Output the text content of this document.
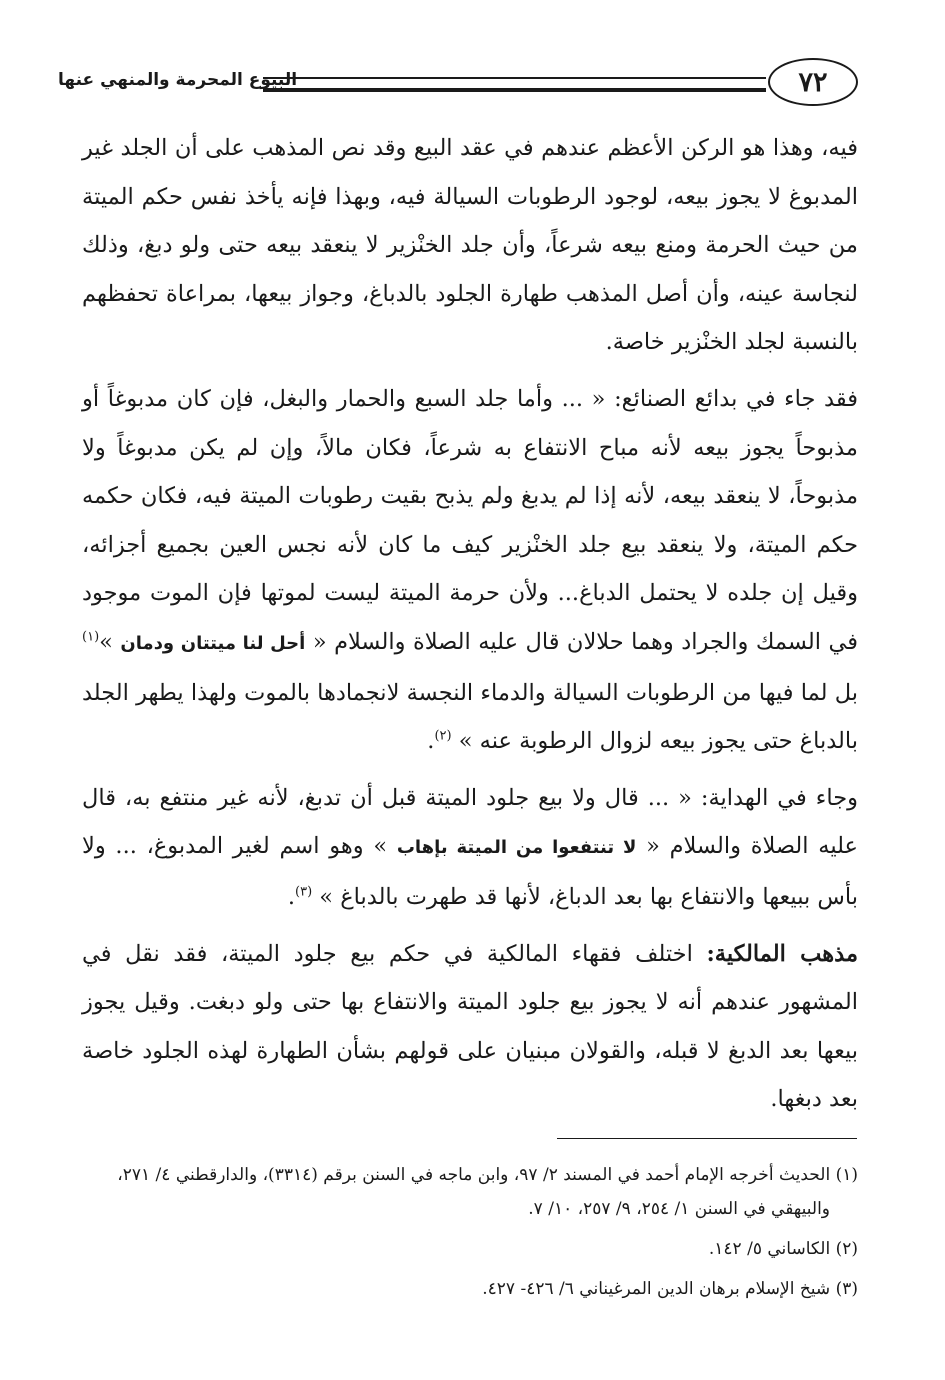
٧٢
البيوع المحرمة والمنهي عنها

فيه، وهذا هو الركن الأعظم عندهم في عقد البيع وقد نص المذهب على أن الجلد غير المدبوغ لا يجوز بيعه، لوجود الرطوبات السيالة فيه، وبهذا فإنه يأخذ نفس حكم الميتة من حيث الحرمة ومنع بيعه شرعاً، وأن جلد الخنْزير لا ينعقد بيعه حتى ولو دبغ، وذلك لنجاسة عينه، وأن أصل المذهب طهارة الجلود بالدباغ، وجواز بيعها، بمراعاة تحفظهم بالنسبة لجلد الخنْزير خاصة.

فقد جاء في بدائع الصنائع: « ... وأما جلد السبع والحمار والبغل، فإن كان مدبوغاً أو مذبوحاً يجوز بيعه لأنه مباح الانتفاع به شرعاً، فكان مالاً، وإن لم يكن مدبوغاً ولا مذبوحاً، لا ينعقد بيعه، لأنه إذا لم يدبغ ولم يذبح بقيت رطوبات الميتة فيه، فكان حكمه حكم الميتة، ولا ينعقد بيع جلد الخنْزير كيف ما كان لأنه نجس العين بجميع أجزائه، وقيل إن جلده لا يحتمل الدباغ... ولأن حرمة الميتة ليست لموتها فإن الموت موجود في السمك والجراد وهما حلالان قال عليه الصلاة والسلام « أحل لنا ميتتان ودمان »$^{(١)}$ بل لما فيها من الرطوبات السيالة والدماء النجسة لانجمادها بالموت ولهذا يطهر الجلد بالدباغ حتى يجوز بيعه لزوال الرطوبة عنه » $^{(٢)}$.

وجاء في الهداية: « ... قال ولا بيع جلود الميتة قبل أن تدبغ، لأنه غير منتفع به، قال عليه الصلاة والسلام « لا تنتفعوا من الميتة بإهاب » وهو اسم لغير المدبوغ، ... ولا بأس ببيعها والانتفاع بها بعد الدباغ، لأنها قد طهرت بالدباغ » $^{(٣)}$.

مذهب المالكية: اختلف فقهاء المالكية في حكم بيع جلود الميتة، فقد نقل في المشهور عندهم أنه لا يجوز بيع جلود الميتة والانتفاع بها حتى ولو دبغت. وقيل يجوز بيعها بعد الدبغ لا قبله، والقولان مبنيان على قولهم بشأن الطهارة لهذه الجلود خاصة بعد دبغها.

(١) الحديث أخرجه الإمام أحمد في المسند ٢/ ٩٧، وابن ماجه في السنن برقم (٣٣١٤)، والدارقطني ٤/ ٢٧١،
والبيهقي في السنن ١/ ٢٥٤، ٩/ ٢٥٧، ١٠/ ٧.

(٢) الكاساني ٥/ ١٤٢.

(٣) شيخ الإسلام برهان الدين المرغيناني ٦/ ٤٢٦- ٤٢٧.
